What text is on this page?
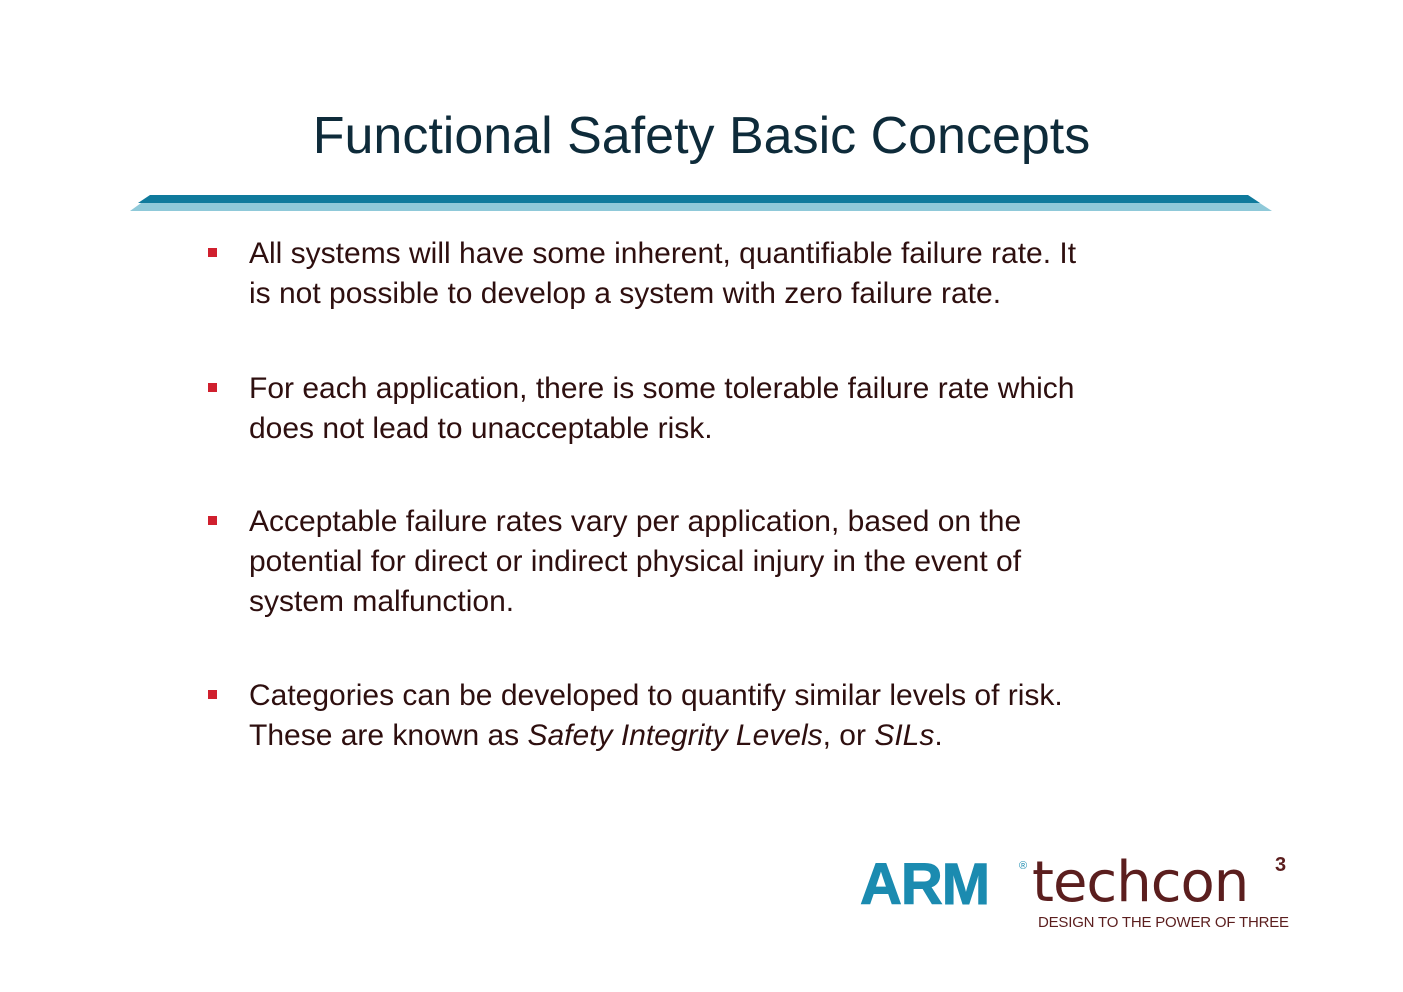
Functional Safety Basic Concepts
All systems will have some inherent, quantifiable failure rate. It
is not possible to develop a system with zero failure rate.
For each application, there is some tolerable failure rate which
does not lead to unacceptable risk.
Acceptable failure rates vary per application, based on the
potential for direct or indirect physical injury in the event of
system malfunction.
Categories can be developed to quantify similar levels of risk.
These are known as Safety Integrity Levels, or SILs.
ARM	® techcon 3
DESIGN TO THE POWER OF THREE
